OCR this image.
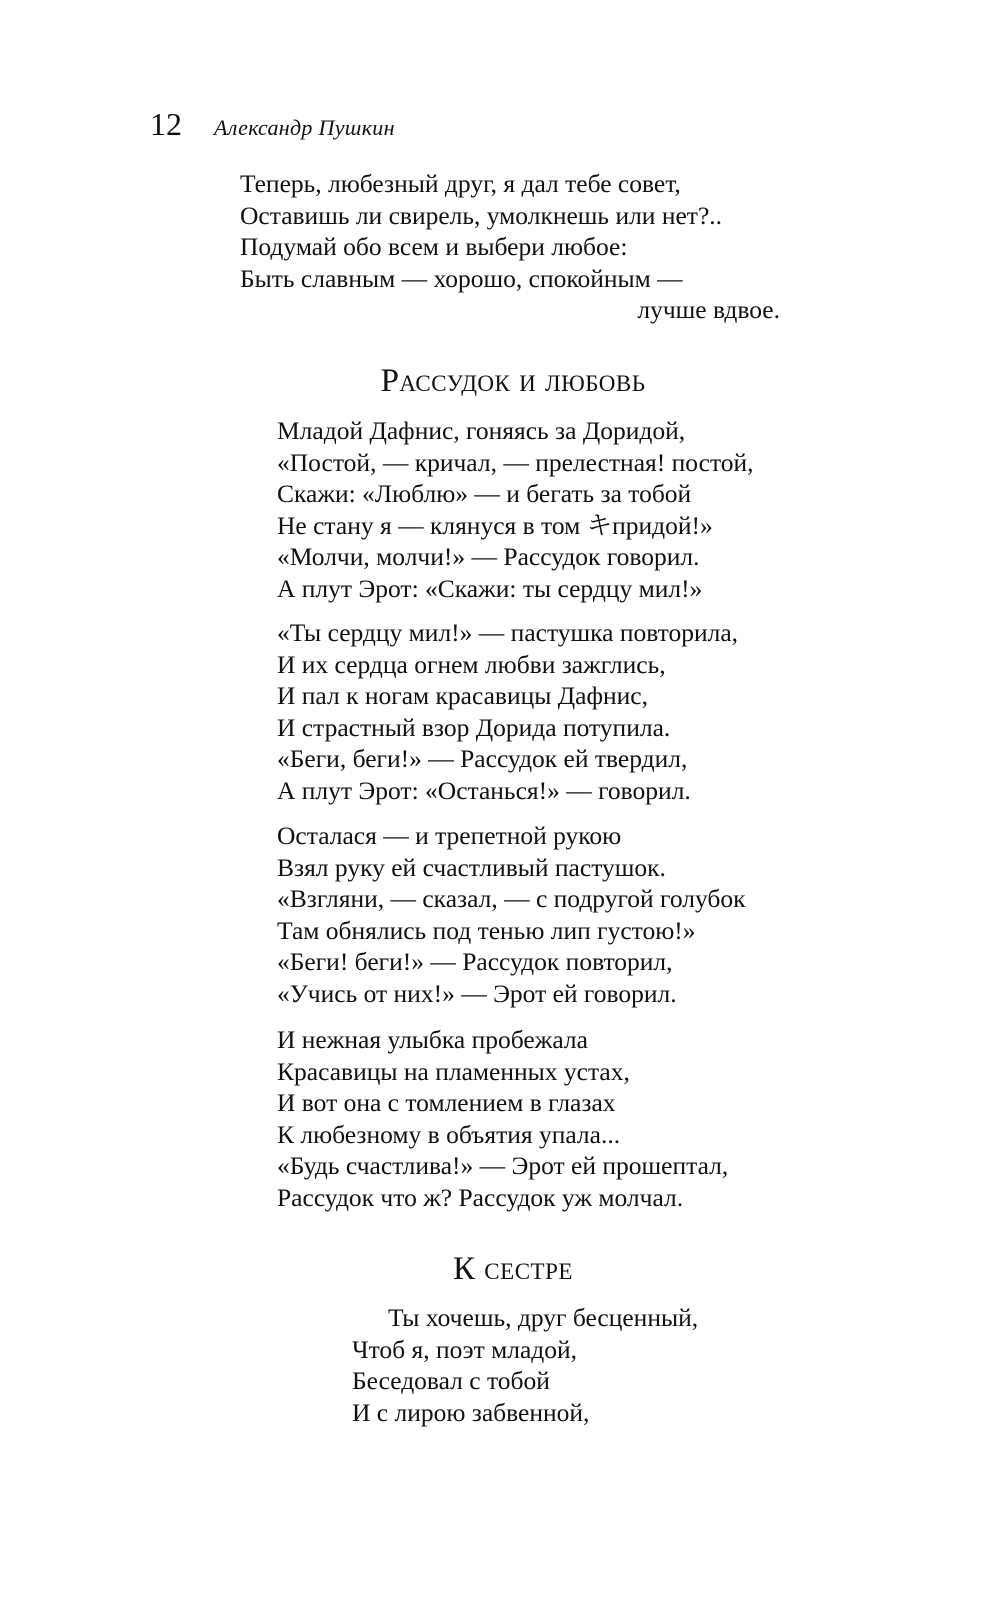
12 Александр Пушкин
Теперь, любезный друг, я дал тебе совет,
Оставишь ли свирель, умолкнешь или нет?..
Подумай обо всем и выбери любое:
Быть славным — хорошо, спокойным —
лучше вдвое.
Рассудок и любовь
Младой Дафнис, гоняясь за Доридой,
«Постой, — кричал, — прелестная! постой,
Скажи: «Люблю» — и бегать за тобой
Не стану я — клянуся в том キпридой!»
«Молчи, молчи!» — Рассудок говорил.
А плут Эрот: «Скажи: ты сердцу мил!»
«Ты сердцу мил!» — пастушка повторила,
И их сердца огнем любви зажглись,
И пал к ногам красавицы Дафнис,
И страстный взор Дорида потупила.
«Беги, беги!» — Рассудок ей твердил,
А плут Эрот: «Останься!» — говорил.
Осталася — и трепетной рукою
Взял руку ей счастливый пастушок.
«Взгляни, — сказал, — с подругой голубок
Там обнялись под тенью лип густою!»
«Беги! беги!» — Рассудок повторил,
«Учись от них!» — Эрот ей говорил.
И нежная улыбка пробежала
Красавицы на пламенных устах,
И вот она с томлением в глазах
К любезному в объятия упала...
«Будь счастлива!» — Эрот ей прошептал,
Рассудок что ж? Рассудок уж молчал.
К сестре
Ты хочешь, друг бесценный,
Чтоб я, поэт младой,
Беседовал с тобой
И с лирою забвенной,
